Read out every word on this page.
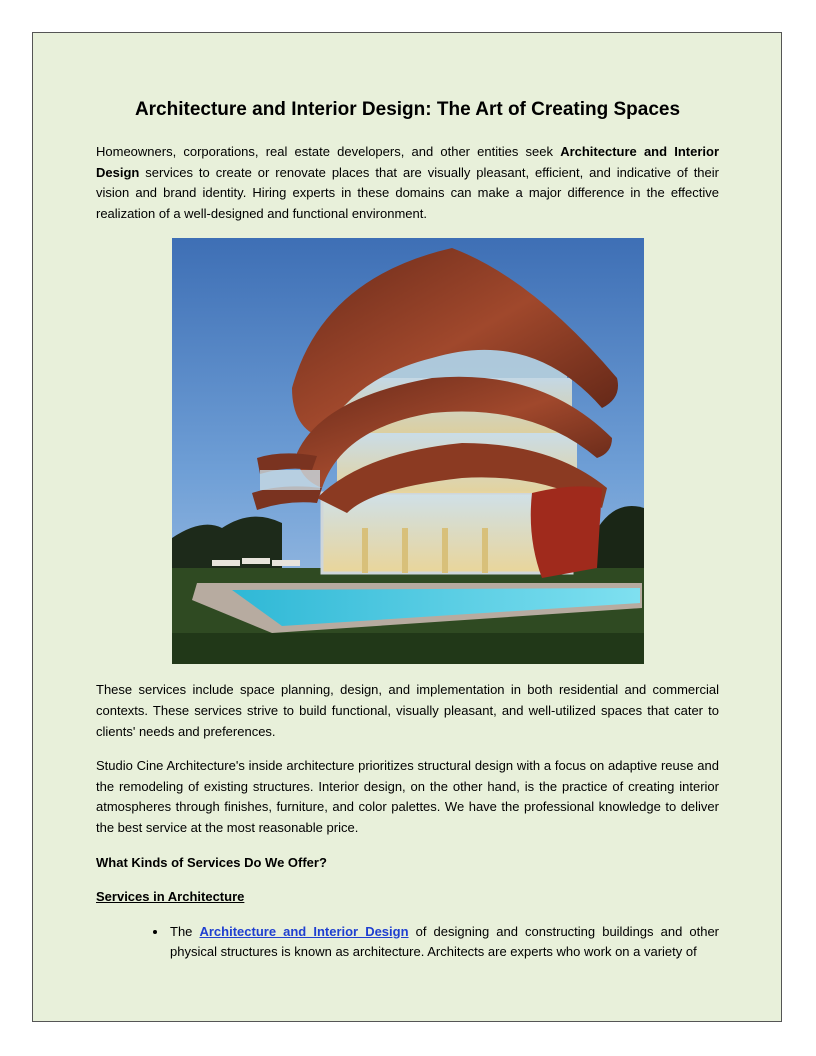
Architecture and Interior Design: The Art of Creating Spaces

Homeowners, corporations, real estate developers, and other entities seek Architecture and Interior Design services to create or renovate places that are visually pleasant, efficient, and indicative of their vision and brand identity. Hiring experts in these domains can make a major difference in the effective realization of a well-designed and functional environment.

These services include space planning, design, and implementation in both residential and commercial contexts. These services strive to build functional, visually pleasant, and well-utilized spaces that cater to clients' needs and preferences.

Studio Cine Architecture's inside architecture prioritizes structural design with a focus on adaptive reuse and the remodeling of existing structures. Interior design, on the other hand, is the practice of creating interior atmospheres through finishes, furniture, and color palettes. We have the professional knowledge to deliver the best service at the most reasonable price.

What Kinds of Services Do We Offer?

Services in Architecture

• The Architecture and Interior Design of designing and constructing buildings and other physical structures is known as architecture. Architects are experts who work on a variety of
